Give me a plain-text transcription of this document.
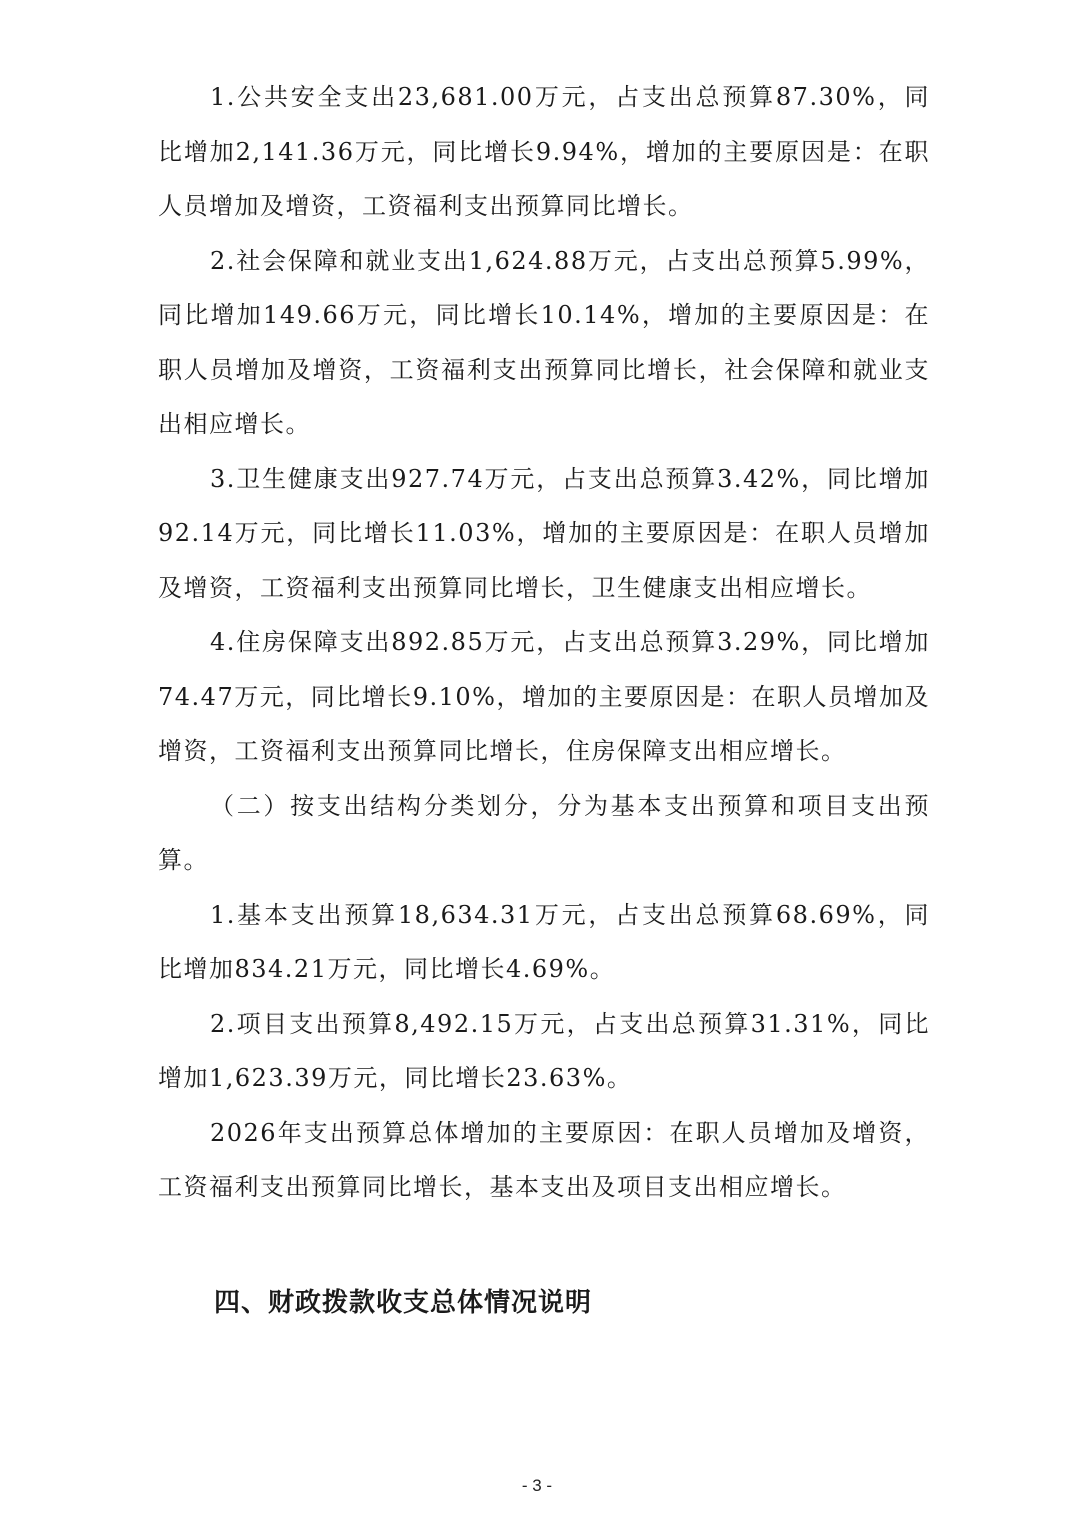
1.公共安全支出23,681.00万元，占支出总预算87.30%，同比增加2,141.36万元，同比增长9.94%，增加的主要原因是：在职人员增加及增资，工资福利支出预算同比增长。

2.社会保障和就业支出1,624.88万元，占支出总预算5.99%，同比增加149.66万元，同比增长10.14%，增加的主要原因是：在职人员增加及增资，工资福利支出预算同比增长，社会保障和就业支出相应增长。

3.卫生健康支出927.74万元，占支出总预算3.42%，同比增加92.14万元，同比增长11.03%，增加的主要原因是：在职人员增加及增资，工资福利支出预算同比增长，卫生健康支出相应增长。

4.住房保障支出892.85万元，占支出总预算3.29%，同比增加74.47万元，同比增长9.10%，增加的主要原因是：在职人员增加及增资，工资福利支出预算同比增长，住房保障支出相应增长。

（二）按支出结构分类划分，分为基本支出预算和项目支出预算。

1.基本支出预算18,634.31万元，占支出总预算68.69%，同比增加834.21万元，同比增长4.69%。

2.项目支出预算8,492.15万元，占支出总预算31.31%，同比增加1,623.39万元，同比增长23.63%。

2026年支出预算总体增加的主要原因：在职人员增加及增资，工资福利支出预算同比增长，基本支出及项目支出相应增长。

四、财政拨款收支总体情况说明
- 3 -
